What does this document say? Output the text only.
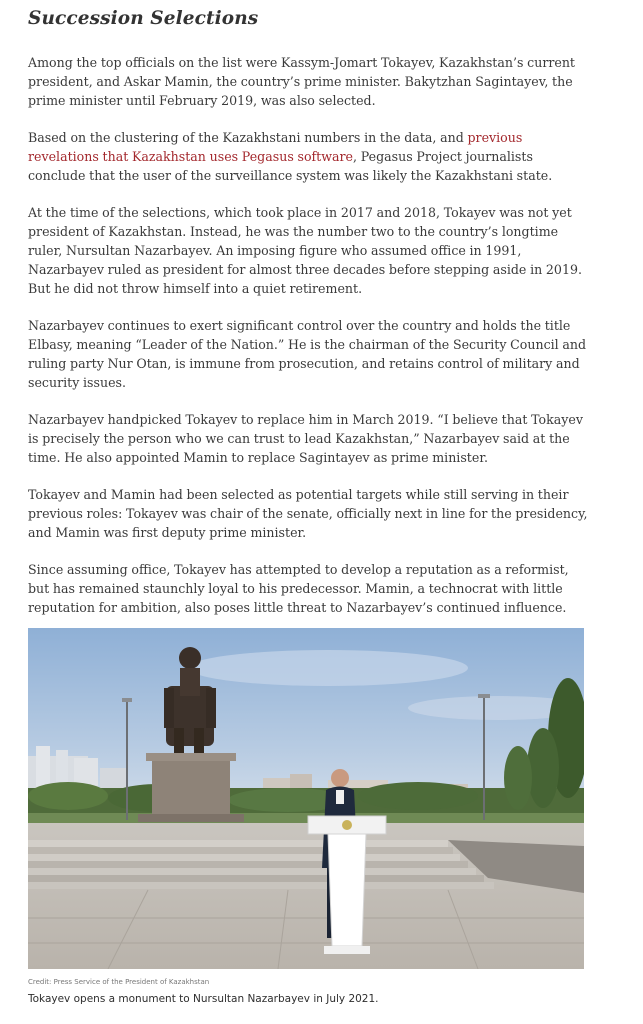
Succession Selections

Among the top officials on the list were Kassym-Jomart Tokayev, Kazakhstan’s current president, and Askar Mamin, the country’s prime minister. Bakytzhan Sagintayev, the prime minister until February 2019, was also selected.

Based on the clustering of the Kazakhstani numbers in the data, and previous revelations that Kazakhstan uses Pegasus software, Pegasus Project journalists conclude that the user of the surveillance system was likely the Kazakhstani state.

At the time of the selections, which took place in 2017 and 2018, Tokayev was not yet president of Kazakhstan. Instead, he was the number two to the country’s longtime ruler, Nursultan Nazarbayev. An imposing figure who assumed office in 1991, Nazarbayev ruled as president for almost three decades before stepping aside in 2019. But he did not throw himself into a quiet retirement.

Nazarbayev continues to exert significant control over the country and holds the title Elbasy, meaning “Leader of the Nation.” He is the chairman of the Security Council and ruling party Nur Otan, is immune from prosecution, and retains control of military and security issues.

Nazarbayev handpicked Tokayev to replace him in March 2019. “I believe that Tokayev is precisely the person who we can trust to lead Kazakhstan,” Nazarbayev said at the time. He also appointed Mamin to replace Sagintayev as prime minister.

Tokayev and Mamin had been selected as potential targets while still serving in their previous roles: Tokayev was chair of the senate, officially next in line for the presidency, and Mamin was first deputy prime minister.

Since assuming office, Tokayev has attempted to develop a reputation as a reformist, but has remained staunchly loyal to his predecessor. Mamin, a technocrat with little reputation for ambition, also poses little threat to Nazarbayev’s continued influence.

Credit: Press Service of the President of Kazakhstan

Tokayev opens a monument to Nursultan Nazarbayev in July 2021.
